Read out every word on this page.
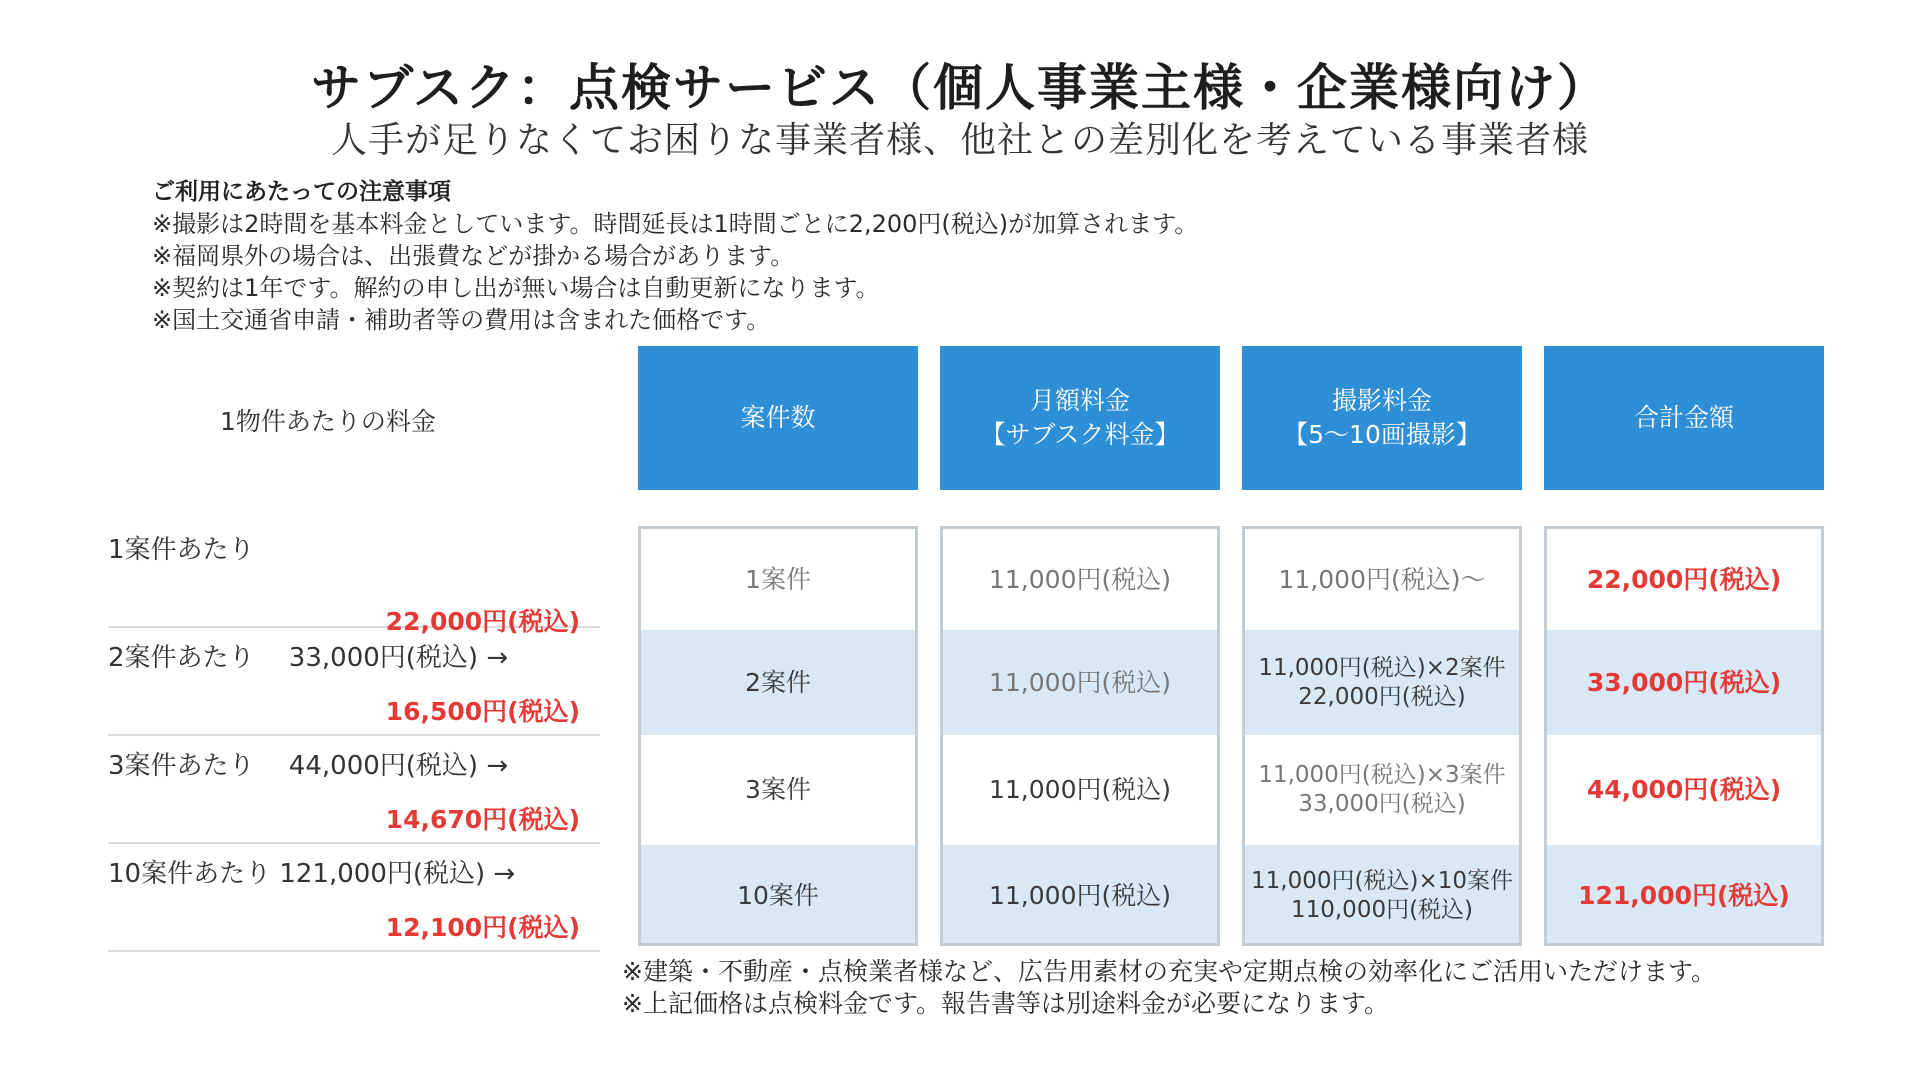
サブスク：点検サービス（個人事業主様・企業様向け）
人手が足りなくてお困りな事業者様、他社との差別化を考えている事業者様
ご利用にあたっての注意事項
※撮影は2時間を基本料金としています。時間延長は1時間ごとに2,200円(税込)が加算されます。
※福岡県外の場合は、出張費などが掛かる場合があります。
※契約は1年です。解約の申し出が無い場合は自動更新になります。
※国土交通省申請・補助者等の費用は含まれた価格です。
1物件あたりの料金
1案件あたり
22,000円(税込)
2案件あたり　 33,000円(税込) →
16,500円(税込)
3案件あたり　 44,000円(税込) →
14,670円(税込)
10案件あたり 121,000円(税込) →
12,100円(税込)
案件数
1案件
2案件
3案件
10案件
月額料金
【サブスク料金】
11,000円(税込)
11,000円(税込)
11,000円(税込)
11,000円(税込)
撮影料金
【5～10画撮影】
11,000円(税込)～
11,000円(税込)×2案件
22,000円(税込)
11,000円(税込)×3案件
33,000円(税込)
11,000円(税込)×10案件
110,000円(税込)
合計金額
22,000円(税込)
33,000円(税込)
44,000円(税込)
121,000円(税込)
※建築・不動産・点検業者様など、広告用素材の充実や定期点検の効率化にご活用いただけます。
※上記価格は点検料金です。報告書等は別途料金が必要になります。
